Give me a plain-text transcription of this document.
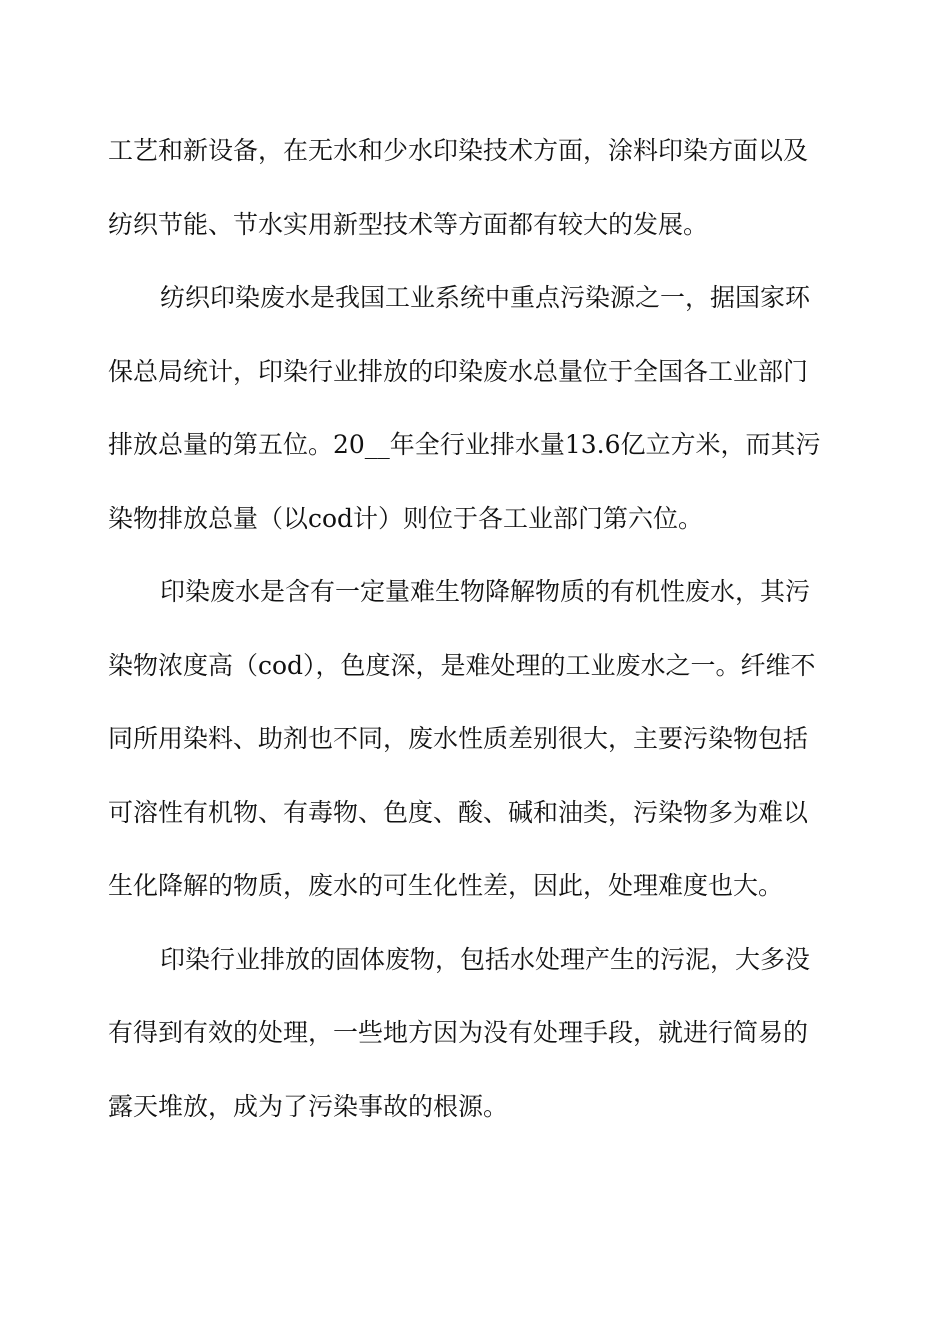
工艺和新设备，在无水和少水印染技术方面，涂料印染方面以及
纺织节能、节水实用新型技术等方面都有较大的发展。
纺织印染废水是我国工业系统中重点污染源之一，据国家环
保总局统计，印染行业排放的印染废水总量位于全国各工业部门
排放总量的第五位。20__年全行业排水量13.6亿立方米，而其污
染物排放总量（以cod计）则位于各工业部门第六位。
印染废水是含有一定量难生物降解物质的有机性废水，其污
染物浓度高（cod），色度深，是难处理的工业废水之一。纤维不
同所用染料、助剂也不同，废水性质差别很大，主要污染物包括
可溶性有机物、有毒物、色度、酸、碱和油类，污染物多为难以
生化降解的物质，废水的可生化性差，因此，处理难度也大。
印染行业排放的固体废物，包括水处理产生的污泥，大多没
有得到有效的处理，一些地方因为没有处理手段，就进行简易的
露天堆放，成为了污染事故的根源。
